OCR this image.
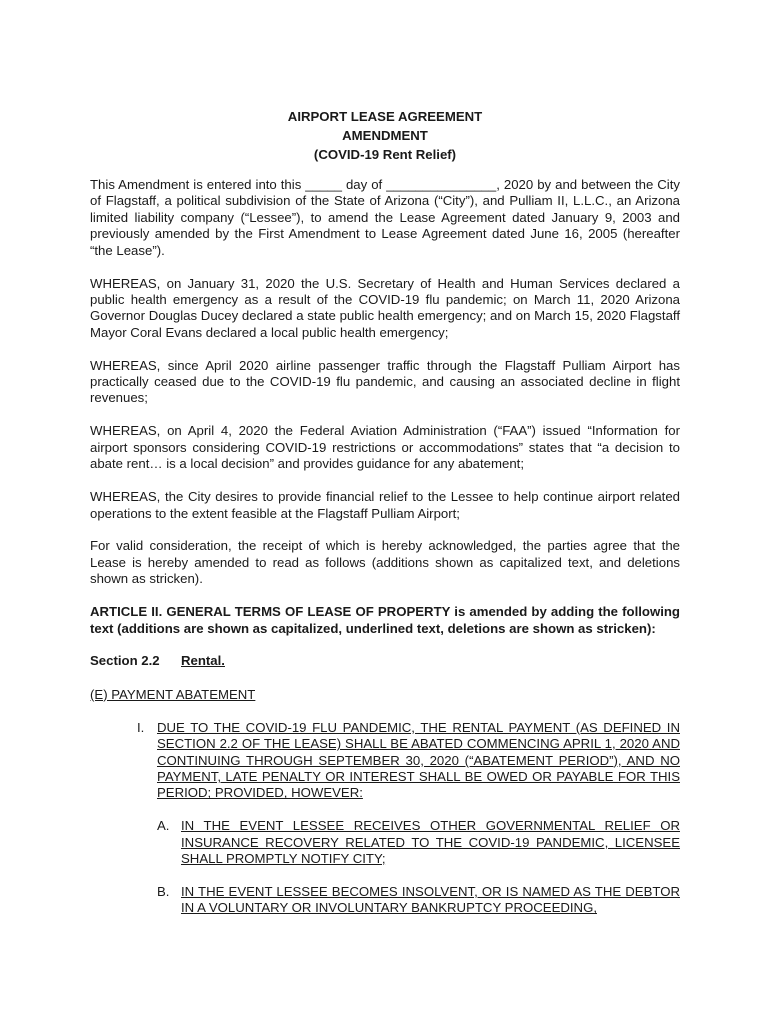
AIRPORT LEASE AGREEMENT
AMENDMENT
(COVID-19 Rent Relief)

This Amendment is entered into this _____ day of _______________, 2020 by and between the City of Flagstaff, a political subdivision of the State of Arizona (“City”), and Pulliam II, L.L.C., an Arizona limited liability company (“Lessee”), to amend the Lease Agreement dated January 9, 2003 and previously amended by the First Amendment to Lease Agreement dated June 16, 2005 (hereafter “the Lease”).

WHEREAS, on January 31, 2020 the U.S. Secretary of Health and Human Services declared a public health emergency as a result of the COVID-19 flu pandemic; on March 11, 2020 Arizona Governor Douglas Ducey declared a state public health emergency; and on March 15, 2020 Flagstaff Mayor Coral Evans declared a local public health emergency;

WHEREAS, since April 2020 airline passenger traffic through the Flagstaff Pulliam Airport has practically ceased due to the COVID-19 flu pandemic, and causing an associated decline in flight revenues;

WHEREAS, on April 4, 2020 the Federal Aviation Administration (“FAA”) issued “Information for airport sponsors considering COVID-19 restrictions or accommodations” states that “a decision to abate rent… is a local decision” and provides guidance for any abatement;

WHEREAS, the City desires to provide financial relief to the Lessee to help continue airport related operations to the extent feasible at the Flagstaff Pulliam Airport;

For valid consideration, the receipt of which is hereby acknowledged, the parties agree that the Lease is hereby amended to read as follows (additions shown as capitalized text, and deletions shown as stricken).

ARTICLE II. GENERAL TERMS OF LEASE OF PROPERTY is amended by adding the following text (additions are shown as capitalized, underlined text, deletions are shown as stricken):

Section 2.2 Rental.
(E) PAYMENT ABATEMENT
I. DUE TO THE COVID-19 FLU PANDEMIC, THE RENTAL PAYMENT (AS DEFINED IN SECTION 2.2 OF THE LEASE) SHALL BE ABATED COMMENCING APRIL 1, 2020 AND CONTINUING THROUGH SEPTEMBER 30, 2020 (“ABATEMENT PERIOD”), AND NO PAYMENT, LATE PENALTY OR INTEREST SHALL BE OWED OR PAYABLE FOR THIS PERIOD; PROVIDED, HOWEVER:
A. IN THE EVENT LESSEE RECEIVES OTHER GOVERNMENTAL RELIEF OR INSURANCE RECOVERY RELATED TO THE COVID-19 PANDEMIC, LICENSEE SHALL PROMPTLY NOTIFY CITY;
B. IN THE EVENT LESSEE BECOMES INSOLVENT, OR IS NAMED AS THE DEBTOR IN A VOLUNTARY OR INVOLUNTARY BANKRUPTCY PROCEEDING,
